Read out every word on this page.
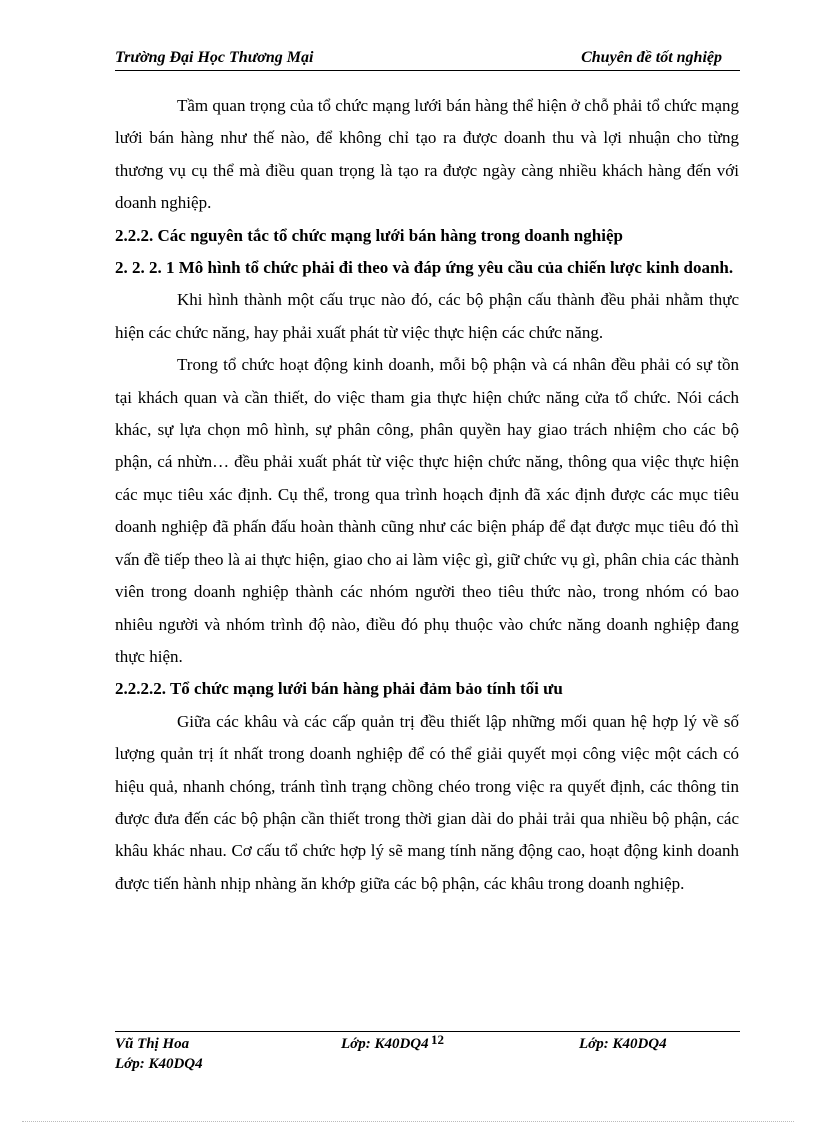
Trường Đại Học Thương Mại	Chuyên đề tốt nghiệp

Tầm quan trọng của tổ chức mạng lưới bán hàng thể hiện ở chỗ phải tổ chức mạng lưới bán hàng như thế nào, để không chỉ tạo ra được doanh thu và lợi nhuận cho từng thương vụ cụ thể mà điều quan trọng là tạo ra được ngày càng nhiều khách hàng đến với doanh nghiệp.

2.2.2. Các nguyên tắc tổ chức mạng lưới bán hàng trong doanh nghiệp

2. 2. 2. 1 Mô hình tổ chức phải đi theo và đáp ứng yêu cầu của chiến lược kinh doanh.

Khi hình thành một cấu trục nào đó, các bộ phận cấu thành đều phải nhằm thực hiện các chức năng, hay phải xuất phát từ việc thực hiện các chức năng.

Trong tổ chức hoạt động kinh doanh, mỗi bộ phận và cá nhân đều phải có sự tồn tại khách quan và cần thiết, do việc tham gia thực hiện chức năng cửa tổ chức. Nói cách khác, sự lựa chọn mô hình, sự phân công, phân quyền hay giao trách nhiệm cho các bộ phận, cá nhừn… đều phải xuất phát từ việc thực hiện chức năng, thông qua việc thực hiện các mục tiêu xác định. Cụ thể, trong qua trình hoạch định đã xác định được các mục tiêu doanh nghiệp đã phấn đấu hoàn thành cũng như các biện pháp để đạt được mục tiêu đó thì vấn đề tiếp theo là ai thực hiện, giao cho ai làm việc gì, giữ chức vụ gì, phân chia các thành viên trong doanh nghiệp thành các nhóm người theo tiêu thức nào, trong nhóm có bao nhiêu người và nhóm trình độ nào, điều đó phụ thuộc vào chức năng doanh nghiệp đang thực hiện.

2.2.2.2. Tổ chức mạng lưới bán hàng phải đảm bảo tính tối ưu

Giữa các khâu và các cấp quản trị đều thiết lập những mối quan hệ hợp lý về số lượng quản trị ít nhất trong doanh nghiệp để có thể giải quyết mọi công việc một cách có hiệu quả, nhanh chóng, tránh tình trạng chồng chéo trong việc ra quyết định, các thông tin được đưa đến các bộ phận cần thiết trong thời gian dài do phải trải qua nhiều bộ phận, các khâu khác nhau. Cơ cấu tổ chức hợp lý sẽ mang tính năng động cao, hoạt động kinh doanh được tiến hành nhịp nhàng ăn khớp giữa các bộ phận, các khâu trong doanh nghiệp.

Vũ Thị Hoa	Lớp: K40DQ4 12	Lớp: K40DQ4
Lớp: K40DQ4
